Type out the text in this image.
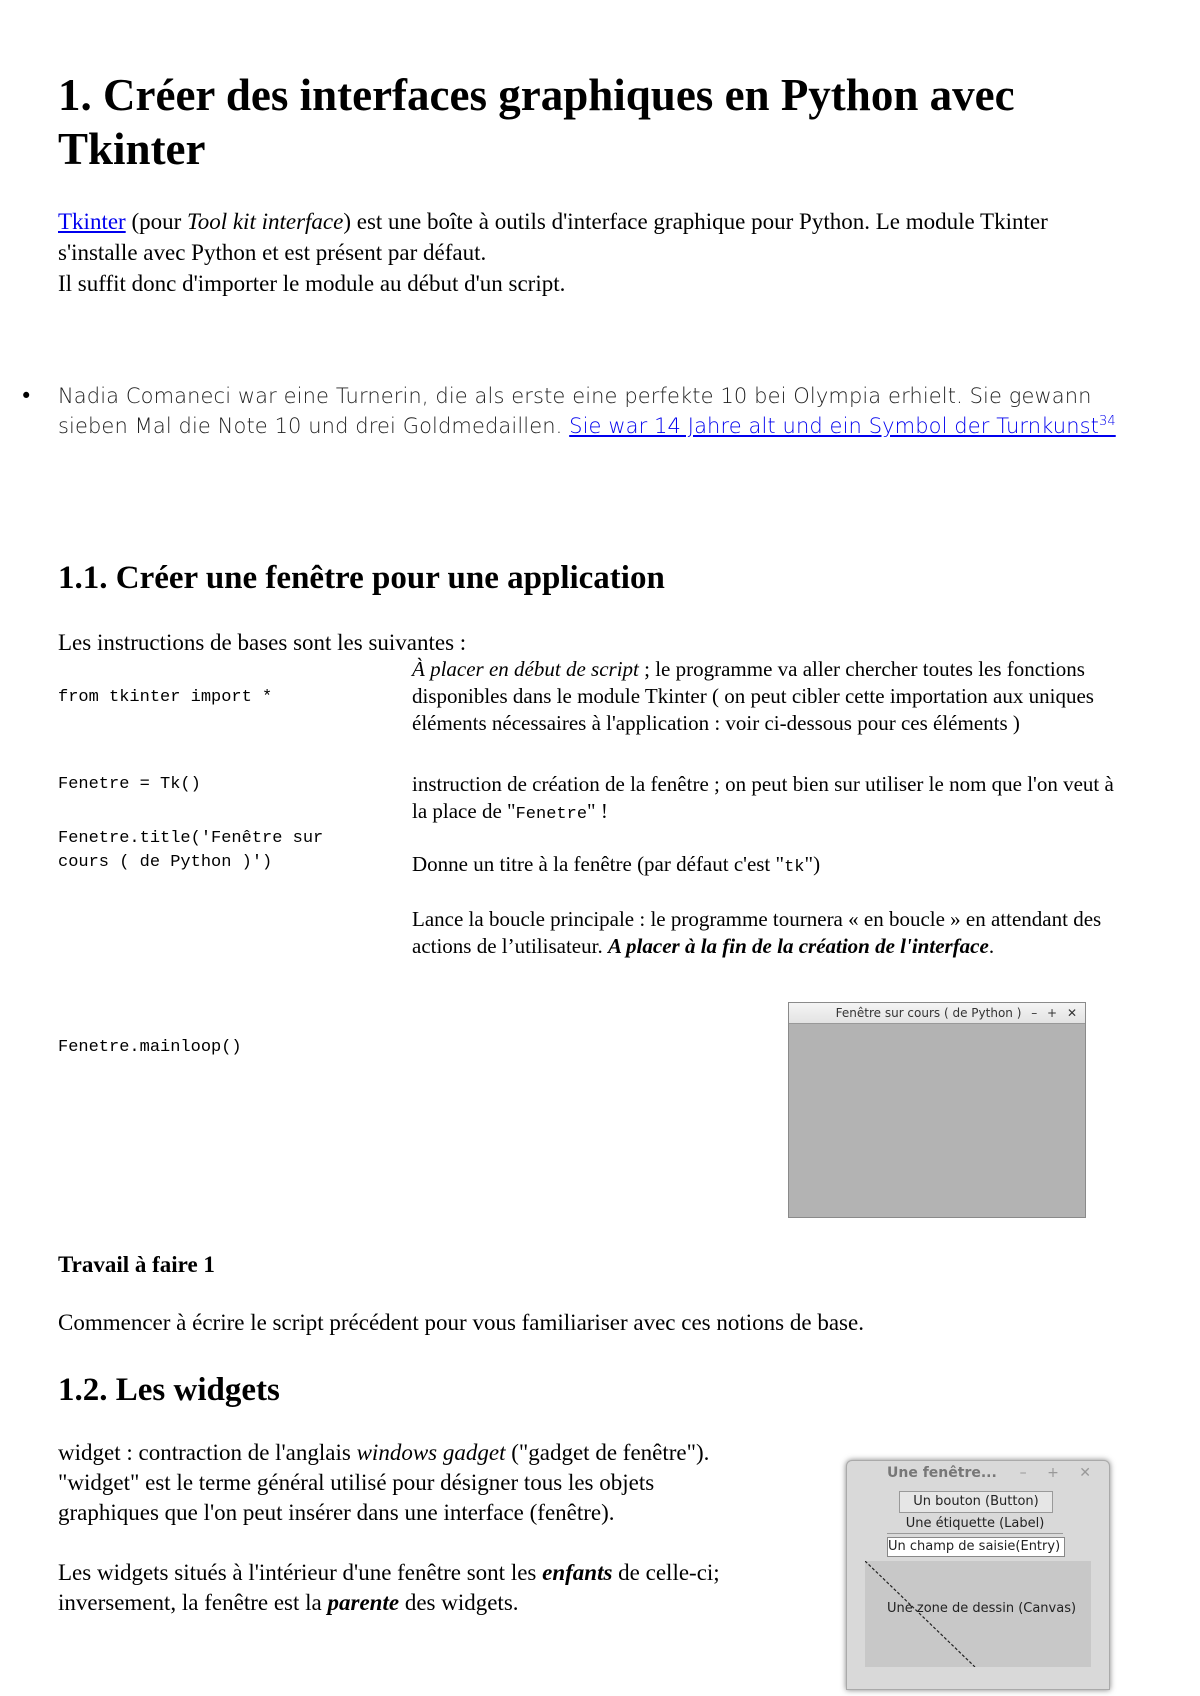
1. Créer des interfaces graphiques en Python avec Tkinter
Tkinter (pour Tool kit interface) est une boîte à outils d'interface graphique pour Python. Le module Tkinter s'installe avec Python et est présent par défaut.
Il suffit donc d'importer le module au début d'un script.
• Nadia Comaneci war eine Turnerin, die als erste eine perfekte 10 bei Olympia erhielt. Sie gewann sieben Mal die Note 10 und drei Goldmedaillen. Sie war 14 Jahre alt und ein Symbol der Turnkunst$^{34}$
1.1. Créer une fenêtre pour une application
Les instructions de bases sont les suivantes :
from tkinter import *
À placer en début de script ; le programme va aller chercher toutes les fonctions disponibles dans le module Tkinter ( on peut cibler cette importation aux uniques éléments nécessaires à l'application : voir ci-dessous pour ces éléments )
Fenetre = Tk()	instruction de création de la fenêtre ; on peut bien sur utiliser le nom que l'on veut à la place de "Fenetre" !
Fenetre.title('Fenêtre sur
cours ( de Python )')	Donne un titre à la fenêtre (par défaut c'est "tk")
Lance la boucle principale : le programme tournera « en boucle » en attendant des actions de l’utilisateur. A placer à la fin de la création de l'interface.
Fenetre.mainloop()
Fenêtre sur cours ( de Python ) – + ✕
Travail à faire 1
Commencer à écrire le script précédent pour vous familiariser avec ces notions de base.
1.2. Les widgets
widget : contraction de l'anglais windows gadget ("gadget de fenêtre").
"widget" est le terme général utilisé pour désigner tous les objets graphiques que l'on peut insérer dans une interface (fenêtre).

Les widgets situés à l'intérieur d'une fenêtre sont les enfants de celle-ci; inversement, la fenêtre est la parente des widgets.
Une fenêtre... – + ✕
Un bouton (Button)
Une étiquette (Label)
Un champ de saisie(Entry)
Une zone de dessin (Canvas)
